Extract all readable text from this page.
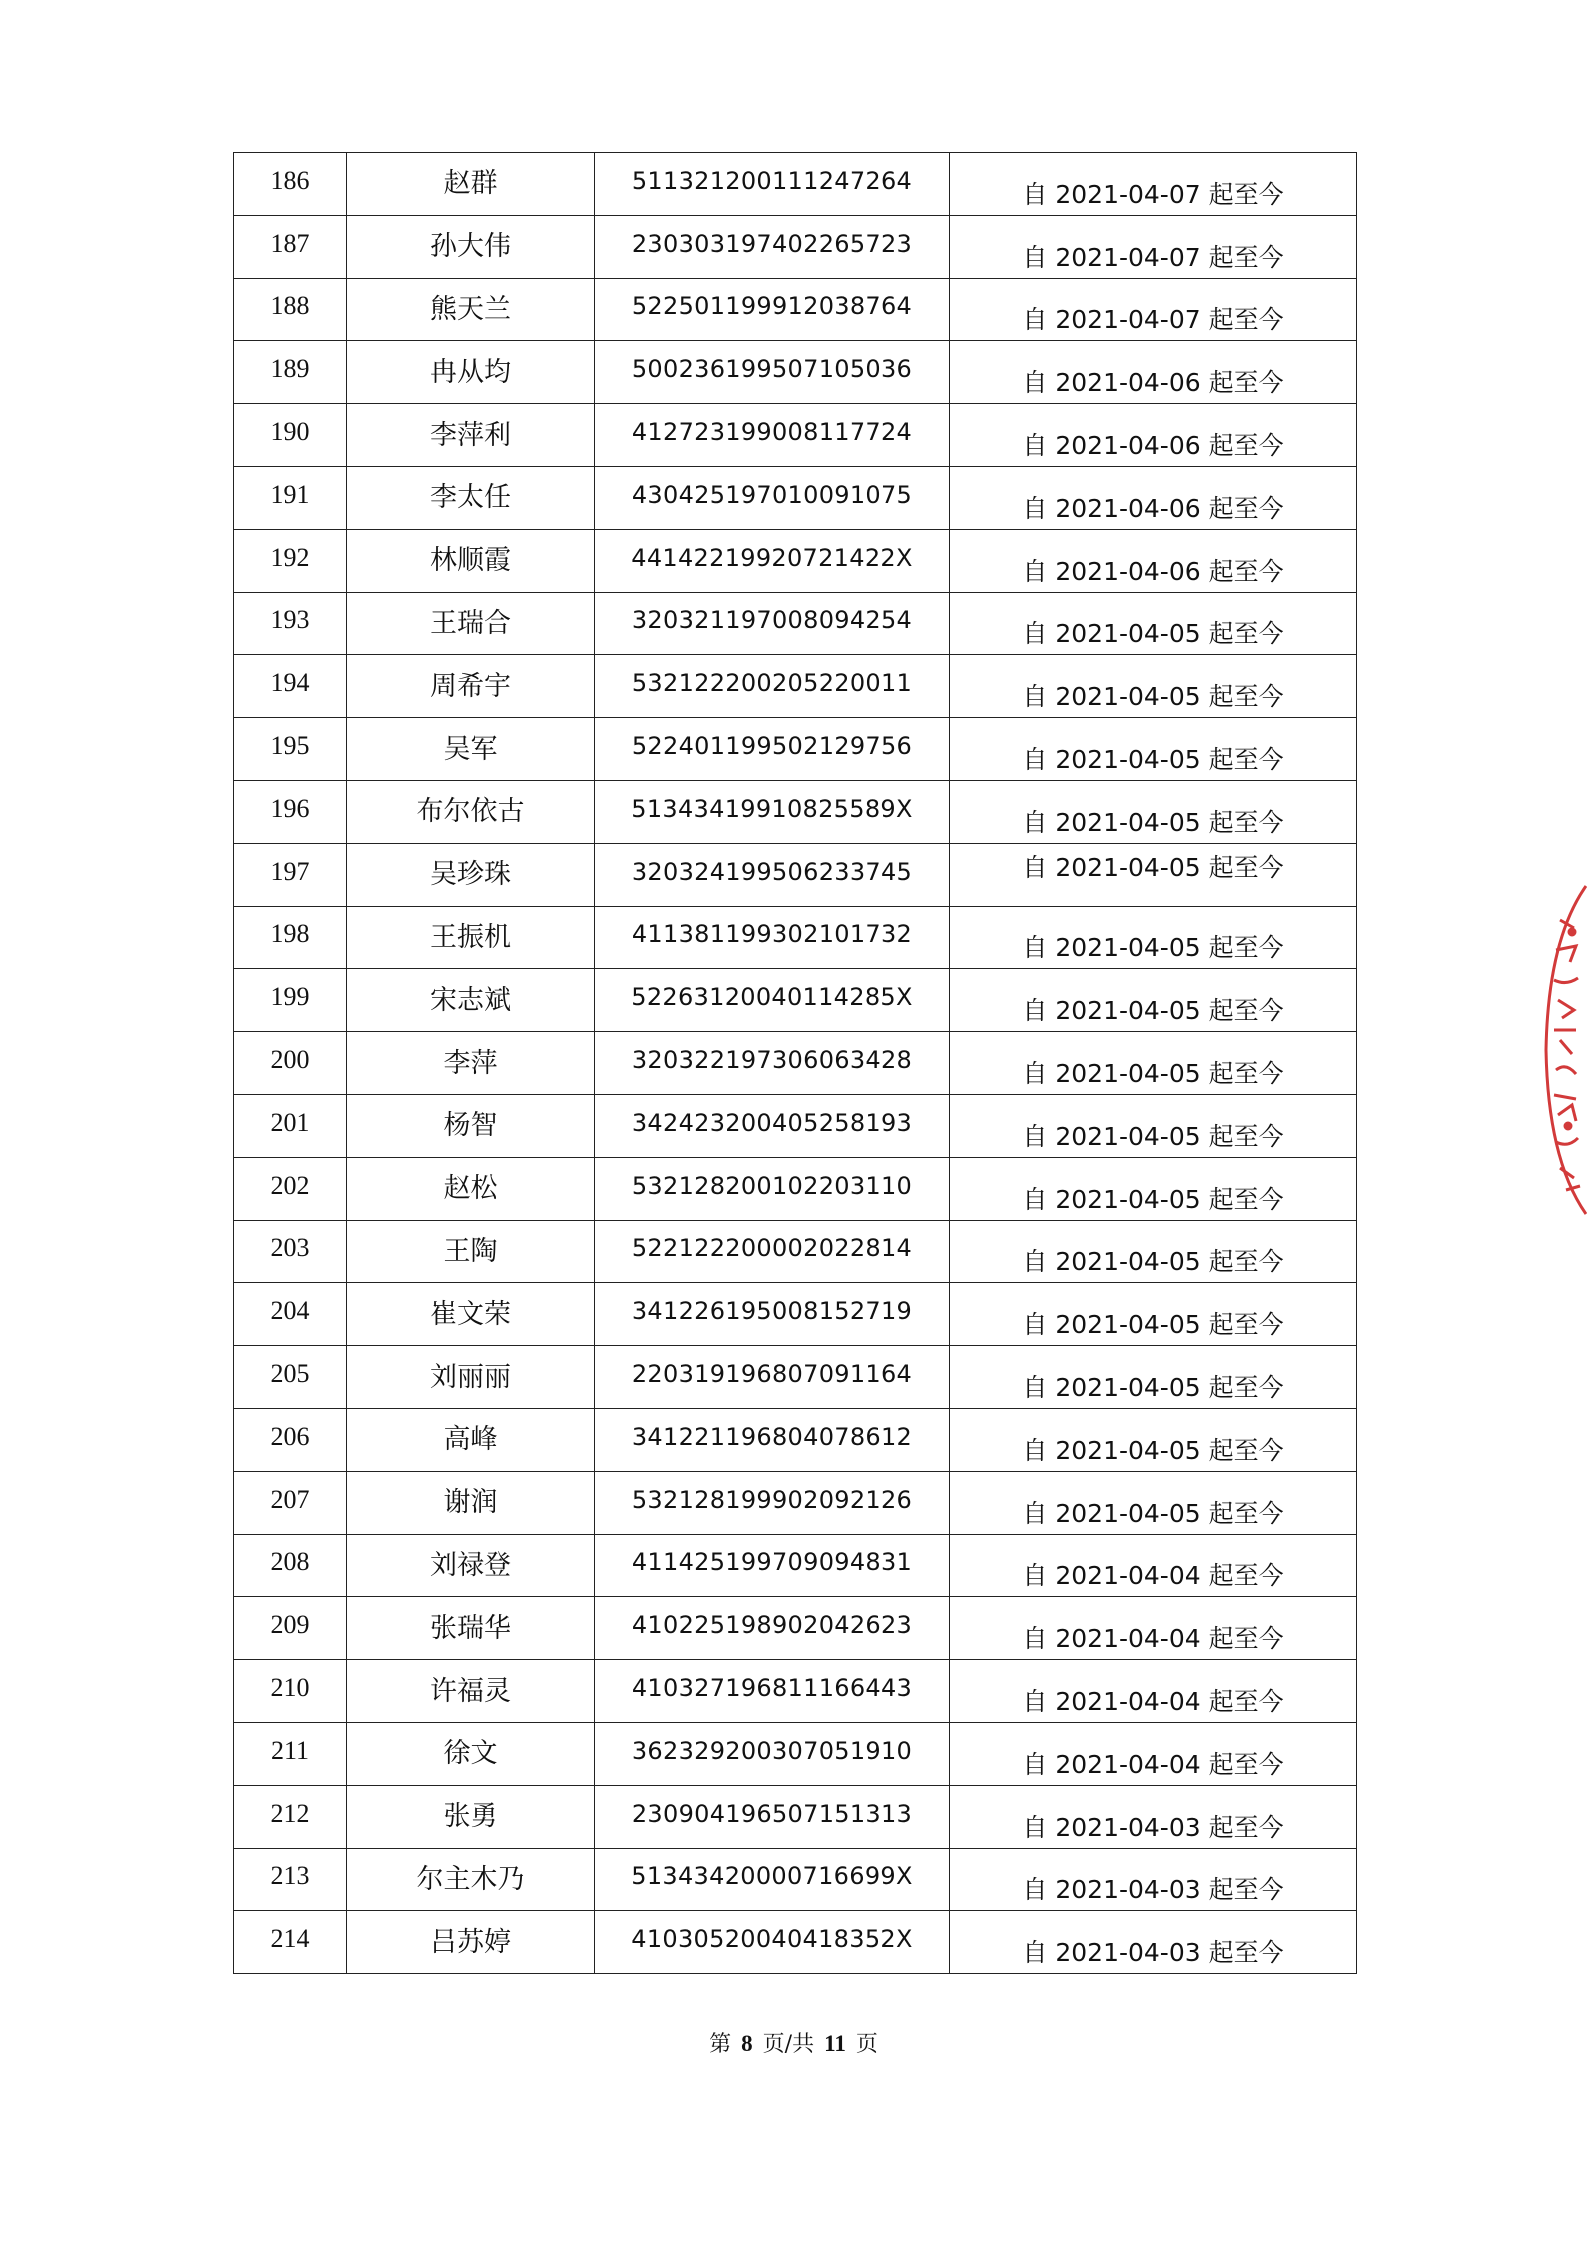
186	赵群	511321200111247264	自 2021-04-07 起至今
187	孙大伟	230303197402265723	自 2021-04-07 起至今
188	熊天兰	522501199912038764	自 2021-04-07 起至今
189	冉从均	500236199507105036	自 2021-04-06 起至今
190	李萍利	412723199008117724	自 2021-04-06 起至今
191	李太任	430425197010091075	自 2021-04-06 起至今
192	林顺霞	44142219920721422X	自 2021-04-06 起至今
193	王瑞合	320321197008094254	自 2021-04-05 起至今
194	周希宇	532122200205220011	自 2021-04-05 起至今
195	吴军	522401199502129756	自 2021-04-05 起至今
196	布尔依古	51343419910825589X	自 2021-04-05 起至今
197	吴珍珠	320324199506233745	自 2021-04-05 起至今
198	王振机	411381199302101732	自 2021-04-05 起至今
199	宋志斌	52263120040114285X	自 2021-04-05 起至今
200	李萍	320322197306063428	自 2021-04-05 起至今
201	杨智	342423200405258193	自 2021-04-05 起至今
202	赵松	532128200102203110	自 2021-04-05 起至今
203	王陶	522122200002022814	自 2021-04-05 起至今
204	崔文荣	341226195008152719	自 2021-04-05 起至今
205	刘丽丽	220319196807091164	自 2021-04-05 起至今
206	高峰	341221196804078612	自 2021-04-05 起至今
207	谢润	532128199902092126	自 2021-04-05 起至今
208	刘禄登	411425199709094831	自 2021-04-04 起至今
209	张瑞华	410225198902042623	自 2021-04-04 起至今
210	许福灵	410327196811166443	自 2021-04-04 起至今
211	徐文	362329200307051910	自 2021-04-04 起至今
212	张勇	230904196507151313	自 2021-04-03 起至今
213	尔主木乃	51343420000716699X	自 2021-04-03 起至今
214	吕苏婷	41030520040418352X	自 2021-04-03 起至今
第 8 页/共 11 页
